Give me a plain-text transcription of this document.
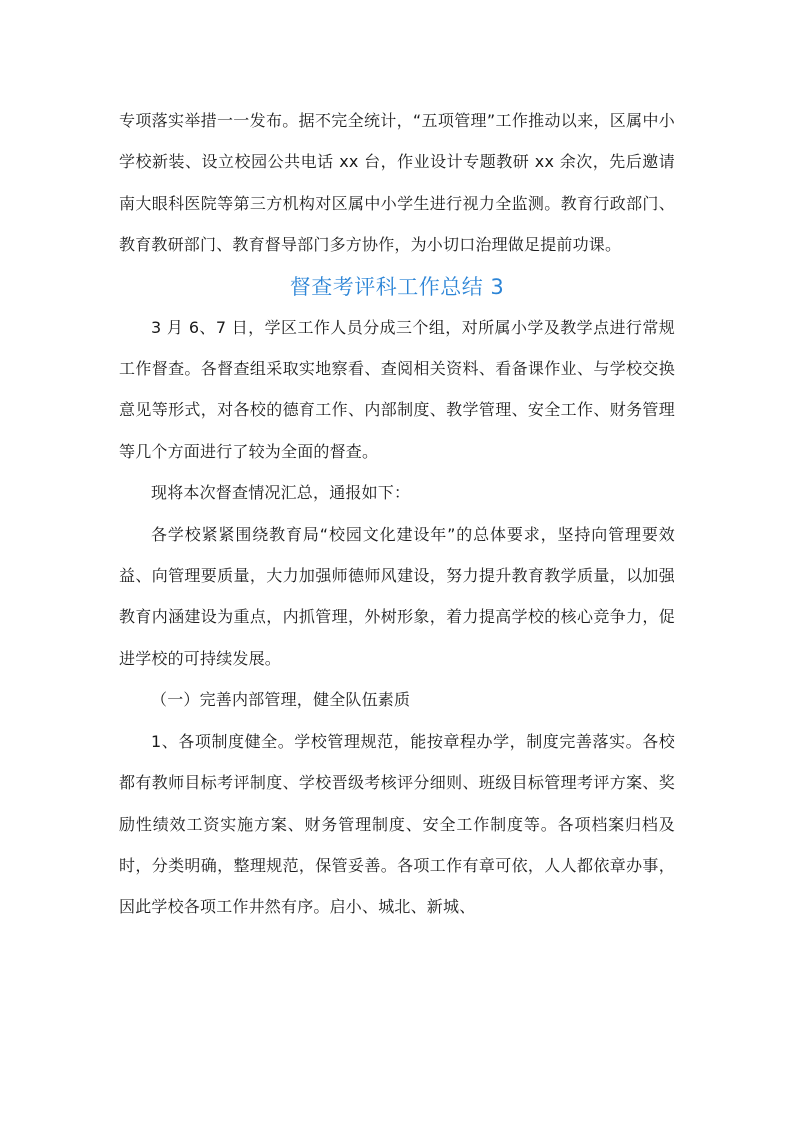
专项落实举措一一发布。据不完全统计，“五项管理”工作推动以来，区属中小学校新装、设立校园公共电话 xx 台，作业设计专题教研 xx 余次，先后邀请南大眼科医院等第三方机构对区属中小学生进行视力全监测。教育行政部门、教育教研部门、教育督导部门多方协作，为小切口治理做足提前功课。

督查考评科工作总结 3

3 月 6、7 日，学区工作人员分成三个组，对所属小学及教学点进行常规工作督查。各督查组采取实地察看、查阅相关资料、看备课作业、与学校交换意见等形式，对各校的德育工作、内部制度、教学管理、安全工作、财务管理等几个方面进行了较为全面的督查。

现将本次督查情况汇总，通报如下：

各学校紧紧围绕教育局“校园文化建设年”的总体要求，坚持向管理要效益、向管理要质量，大力加强师德师风建设，努力提升教育教学质量，以加强教育内涵建设为重点，内抓管理，外树形象，着力提高学校的核心竞争力，促进学校的可持续发展。

（一）完善内部管理，健全队伍素质

1、各项制度健全。学校管理规范，能按章程办学，制度完善落实。各校都有教师目标考评制度、学校晋级考核评分细则、班级目标管理考评方案、奖励性绩效工资实施方案、财务管理制度、安全工作制度等。各项档案归档及时，分类明确，整理规范，保管妥善。各项工作有章可依，人人都依章办事，因此学校各项工作井然有序。启小、城北、新城、
